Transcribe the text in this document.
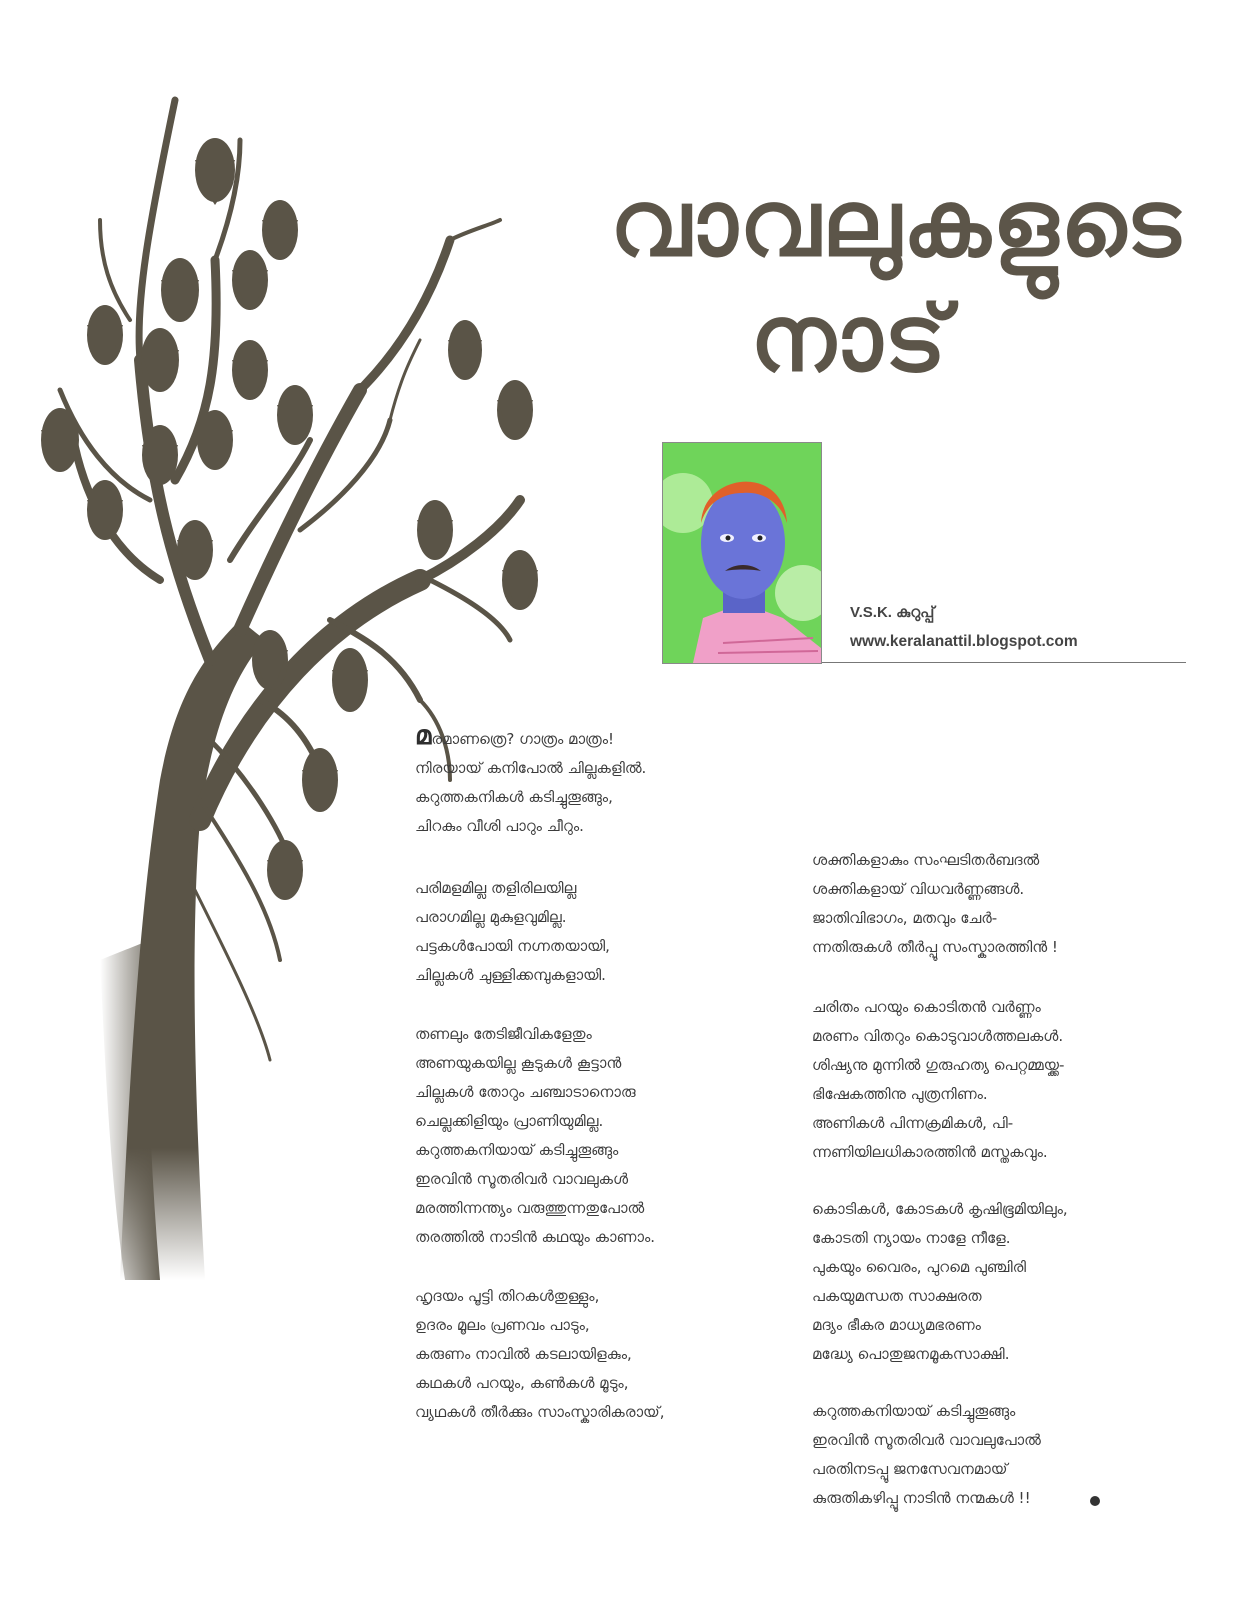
വാവലുകളുടെ
നാട്
V.S.K. കുറുപ്പ്
www.keralanattil.blogspot.com
മരമാണത്രെ? ഗാത്രം മാത്രം!
നിരയായ് കനിപോൽ ചില്ലകളിൽ.
കറുത്തകനികൾ കടിച്ചുതൂങ്ങും,
ചിറകും വീശി പാറും ചീറും.
പരിമളമില്ല തളിരിലയില്ല
പരാഗമില്ല മുകുളവുമില്ല.
പട്ടകൾപോയി നഗ്നതയായി,
ചില്ലകൾ ചുള്ളിക്കമ്പുകളായി.
തണലും തേടിജീവികളേതും
അണയുകയില്ല കൂടുകൾ കൂട്ടാൻ
ചില്ലകൾ തോറും ചഞ്ചാടാനൊരു
ചെല്ലക്കിളിയും പ്രാണിയുമില്ല.
കറുത്തകനിയായ് കടിച്ചുതൂങ്ങും
ഇരവിൻ സൂതരിവർ വാവലുകൾ
മരത്തിന്നന്ത്യം വരുത്തുന്നതുപോൽ
തരത്തിൽ നാടിൻ കഥയും കാണാം.
ഹൃദയം പൂട്ടി തിറകൾതുള്ളും,
ഉദരം മൂലം പ്രണവം പാടും,
കരുണം നാവിൽ കടലായിളകും,
കഥകൾ പറയും, കൺകൾ മൂടും,
വ്യഥകൾ തീർക്കും സാംസ്കാരികരായ്,
ശക്തികളാകും സംഘടിതർബദൽ
ശക്തികളായ് വിധവർണ്ണങ്ങൾ.
ജാതിവിഭാഗം, മതവും ചേർ-
ന്നതിരുകൾ തീർപ്പൂ സംസ്കാരത്തിൻ !
ചരിതം പറയും കൊടിതൻ വർണ്ണം
മരണം വിതറും കൊടുവാൾത്തലകൾ.
ശിഷ്യനു മുന്നിൽ ഗുരുഹത്യ പെറ്റമ്മയ്ക്ക-
ഭിഷേകത്തിനു പുത്രനിണം.
അണികൾ പിന്നക്രമികൾ, പി-
ന്നണിയിലധികാരത്തിൻ മസ്തകവും.
കൊടികൾ, കോടകൾ കൃഷിഭൂമിയിലും,
കോടതി ന്യായം നാളേ നീളേ.
പുകയും വൈരം, പുറമെ പുഞ്ചിരി
പകയുമന്ധത സാക്ഷരത
മദ്യം ഭീകര മാധ്യമഭരണം
മദ്ധ്യേ പൊതുജനമൂകസാക്ഷി.
കറുത്തകനിയായ് കടിച്ചുതൂങ്ങും
ഇരവിൻ സൂതരിവർ വാവലുപോൽ
പരതിനടപ്പൂ ജനസേവനമായ്
കുരുതികഴിപ്പൂ നാടിൻ നന്മകൾ !!
